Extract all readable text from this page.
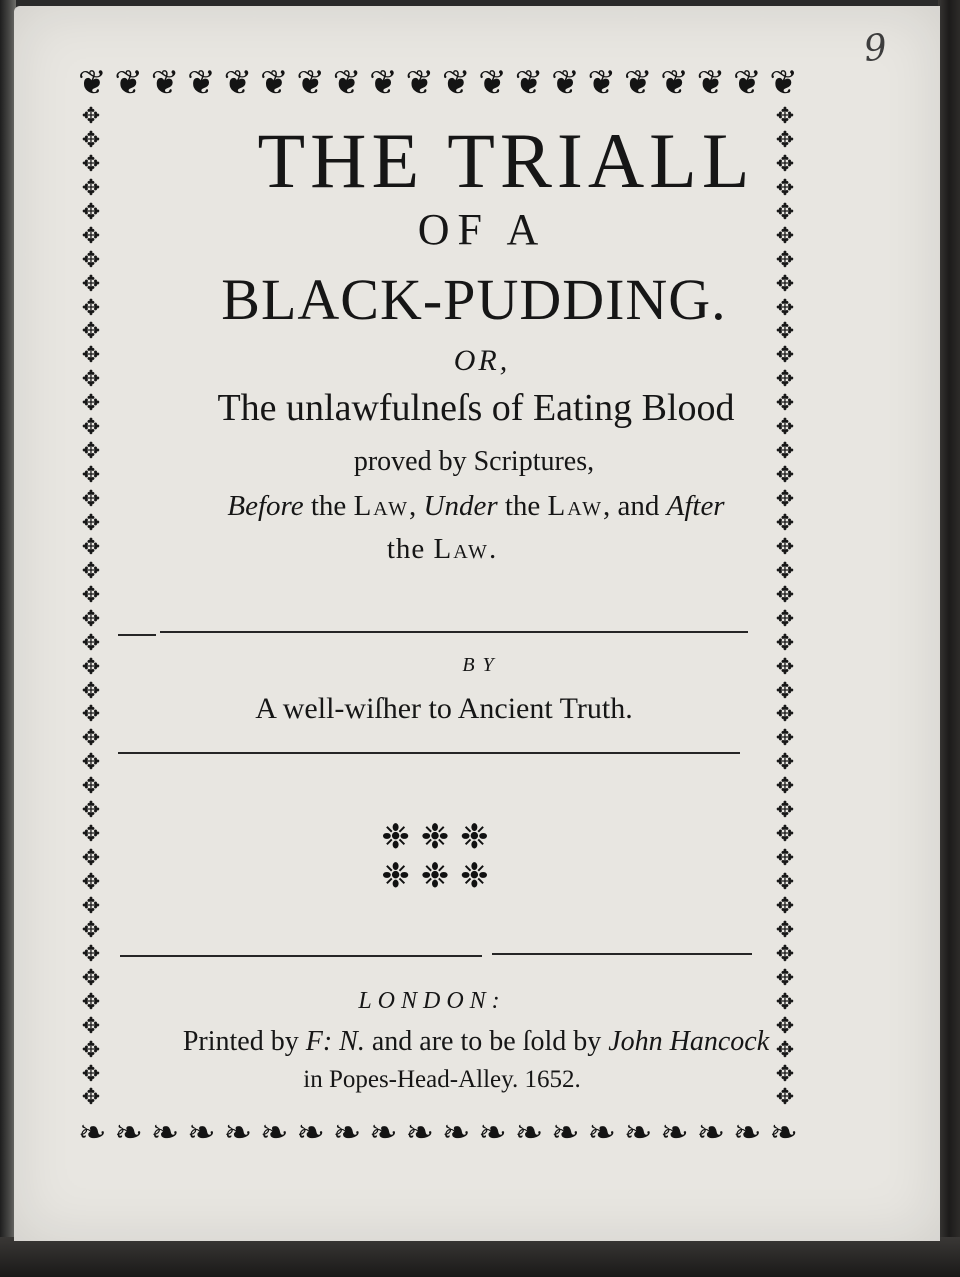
9
❦ ❦ ❦ ❦ ❦ ❦ ❦ ❦ ❦ ❦ ❦ ❦ ❦ ❦ ❦ ❦ ❦ ❦ ❦ ❦
✥
✥
✥
✥
✥
✥
✥
✥
✥
✥
✥
✥
✥
✥
✥
✥
✥
✥
✥
✥
✥
✥
✥
✥
✥
✥
✥
✥
✥
✥
✥
✥
✥
✥
✥
✥
✥
✥
✥
✥
✥
✥
✥
✥
✥
✥
✥
✥
✥
✥
✥
✥
✥
✥
✥
✥
✥
✥
✥
✥
✥
✥
✥
✥
✥
✥
✥
✥
✥
✥
✥
✥
✥
✥
✥
✥
✥
✥
✥
✥
✥
✥
✥
✥
❧ ❧ ❧ ❧ ❧ ❧ ❧ ❧ ❧ ❧ ❧ ❧ ❧ ❧ ❧ ❧ ❧ ❧ ❧ ❧
THE TRIALL
OF A
BLACK-PUDDING.
OR,
The unlawfulneſs of Eating Blood
proved by Scriptures,
Before the Law, Under the Law, and After
the Law.
BY
A well-wiſher to Ancient Truth.
❉ ❉ ❉
❉ ❉ ❉
LONDON:
Printed by F: N. and are to be ſold by John Hancock
in Popes-Head-Alley. 1652.
